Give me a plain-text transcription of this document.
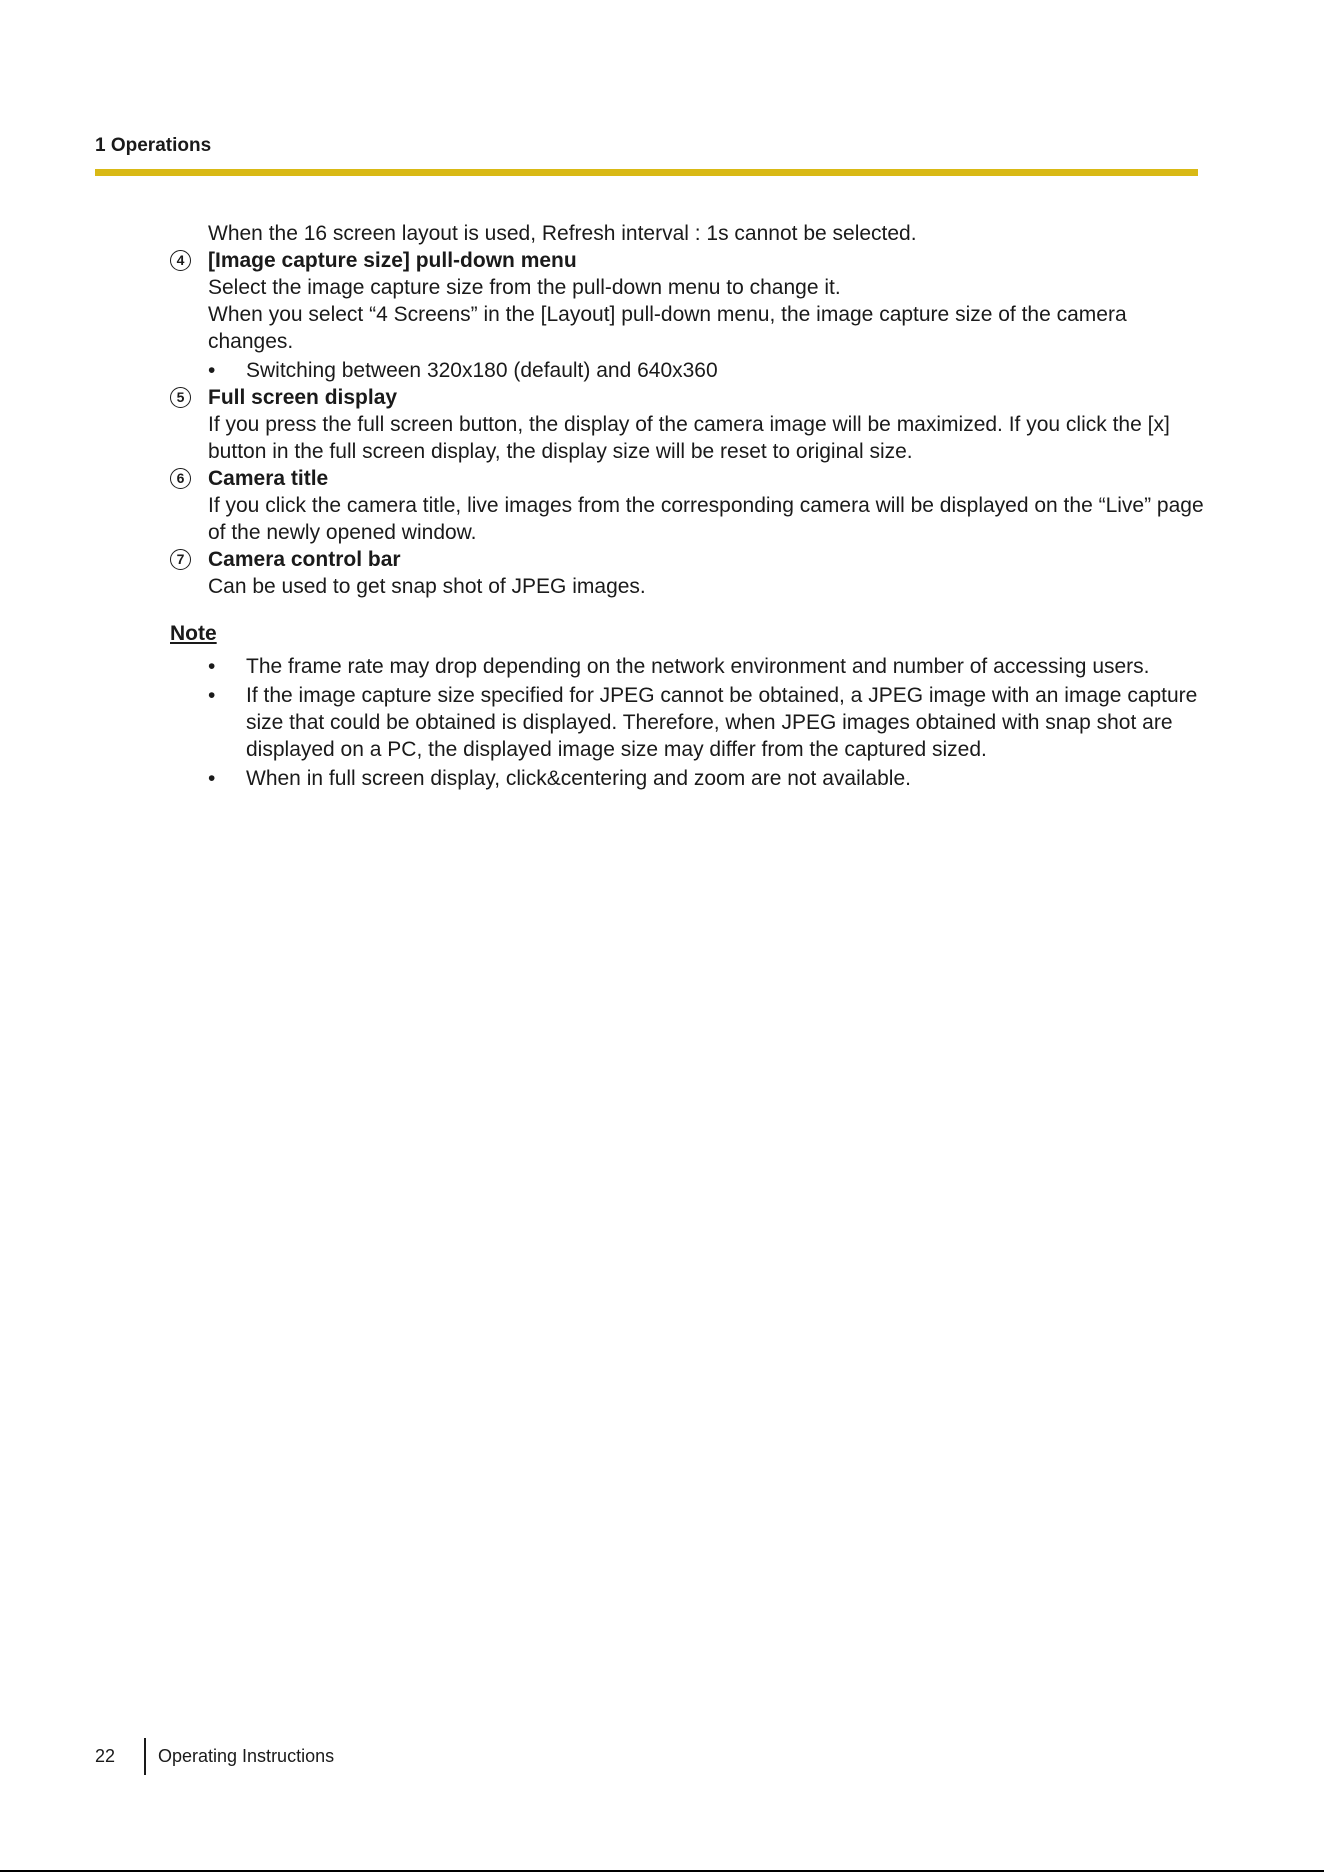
1 Operations

When the 16 screen layout is used, Refresh interval : 1s cannot be selected.

4	[Image capture size] pull-down menu

Select the image capture size from the pull-down menu to change it.

When you select “4 Screens” in the [Layout] pull-down menu, the image capture size of the camera changes.

• Switching between 320x180 (default) and 640x360
5	Full screen display

If you press the full screen button, the display of the camera image will be maximized. If you click the [x] button in the full screen display, the display size will be reset to original size.

6	Camera title

If you click the camera title, live images from the corresponding camera will be displayed on the “Live” page of the newly opened window.

7	Camera control bar

Can be used to get snap shot of JPEG images.

Note

• The frame rate may drop depending on the network environment and number of accessing users.
• If the image capture size specified for JPEG cannot be obtained, a JPEG image with an image capture size that could be obtained is displayed. Therefore, when JPEG images obtained with snap shot are displayed on a PC, the displayed image size may differ from the captured sized.
• When in full screen display, click&centering and zoom are not available.
22 Operating Instructions
